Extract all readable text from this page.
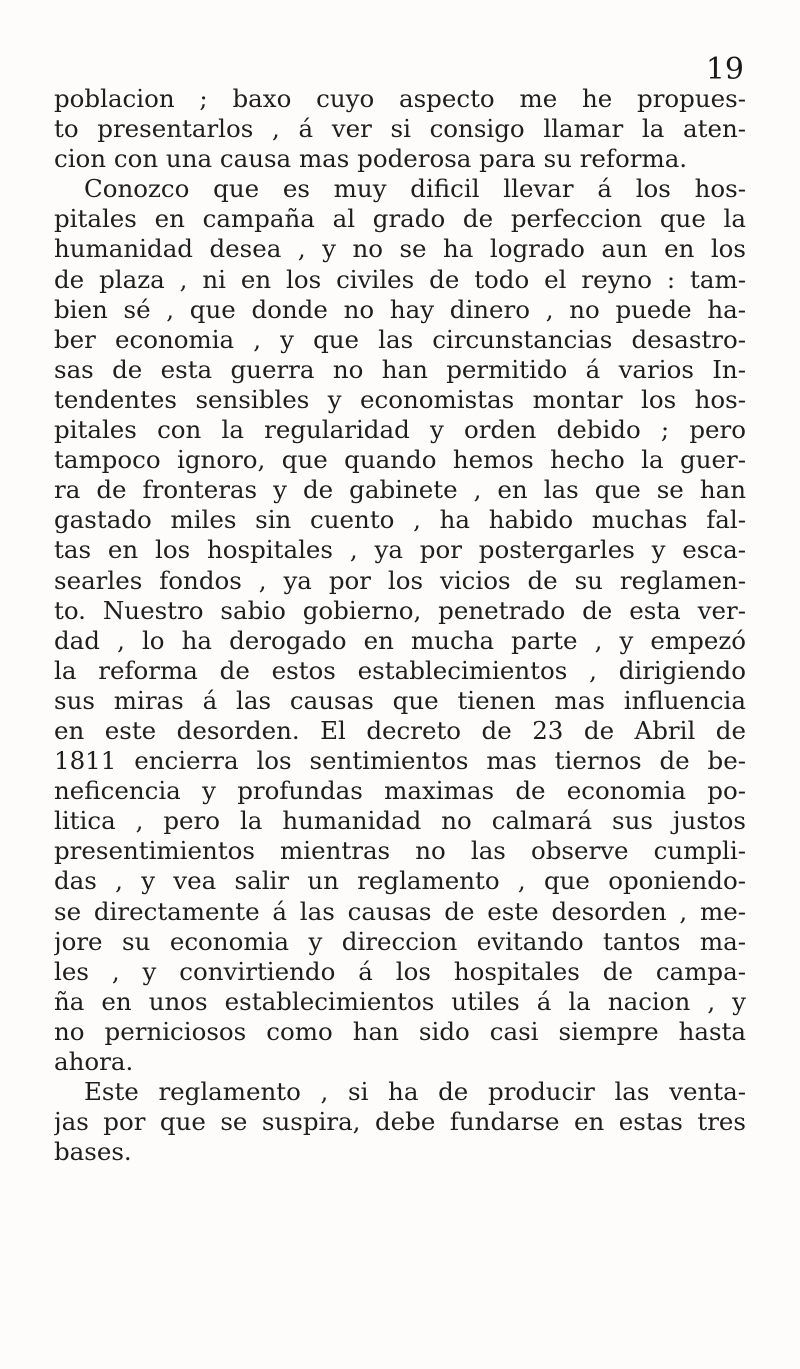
19
poblacion ; baxo cuyo aspecto me he propues-
to presentarlos , á ver si consigo llamar la aten-
cion con una causa mas poderosa para su reforma.
Conozco que es muy dificil llevar á los hos-
pitales en campaña al grado de perfeccion que la
humanidad desea , y no se ha logrado aun en los
de plaza , ni en los civiles de todo el reyno : tam-
bien sé , que donde no hay dinero , no puede ha-
ber economia , y que las circunstancias desastro-
sas de esta guerra no han permitido á varios In-
tendentes sensibles y economistas montar los hos-
pitales con la regularidad y orden debido ; pero
tampoco ignoro, que quando hemos hecho la guer-
ra de fronteras y de gabinete , en las que se han
gastado miles sin cuento , ha habido muchas fal-
tas en los hospitales , ya por postergarles y esca-
searles fondos , ya por los vicios de su reglamen-
to. Nuestro sabio gobierno, penetrado de esta ver-
dad , lo ha derogado en mucha parte , y empezó
la reforma de estos establecimientos , dirigiendo
sus miras á las causas que tienen mas influencia
en este desorden. El decreto de 23 de Abril de
1811 encierra los sentimientos mas tiernos de be-
neficencia y profundas maximas de economia po-
litica , pero la humanidad no calmará sus justos
presentimientos mientras no las observe cumpli-
das , y vea salir un reglamento , que oponiendo-
se directamente á las causas de este desorden , me-
jore su economia y direccion evitando tantos ma-
les , y convirtiendo á los hospitales de campa-
ña en unos establecimientos utiles á la nacion , y
no perniciosos como han sido casi siempre hasta
ahora.
Este reglamento , si ha de producir las venta-
jas por que se suspira, debe fundarse en estas tres
bases.
